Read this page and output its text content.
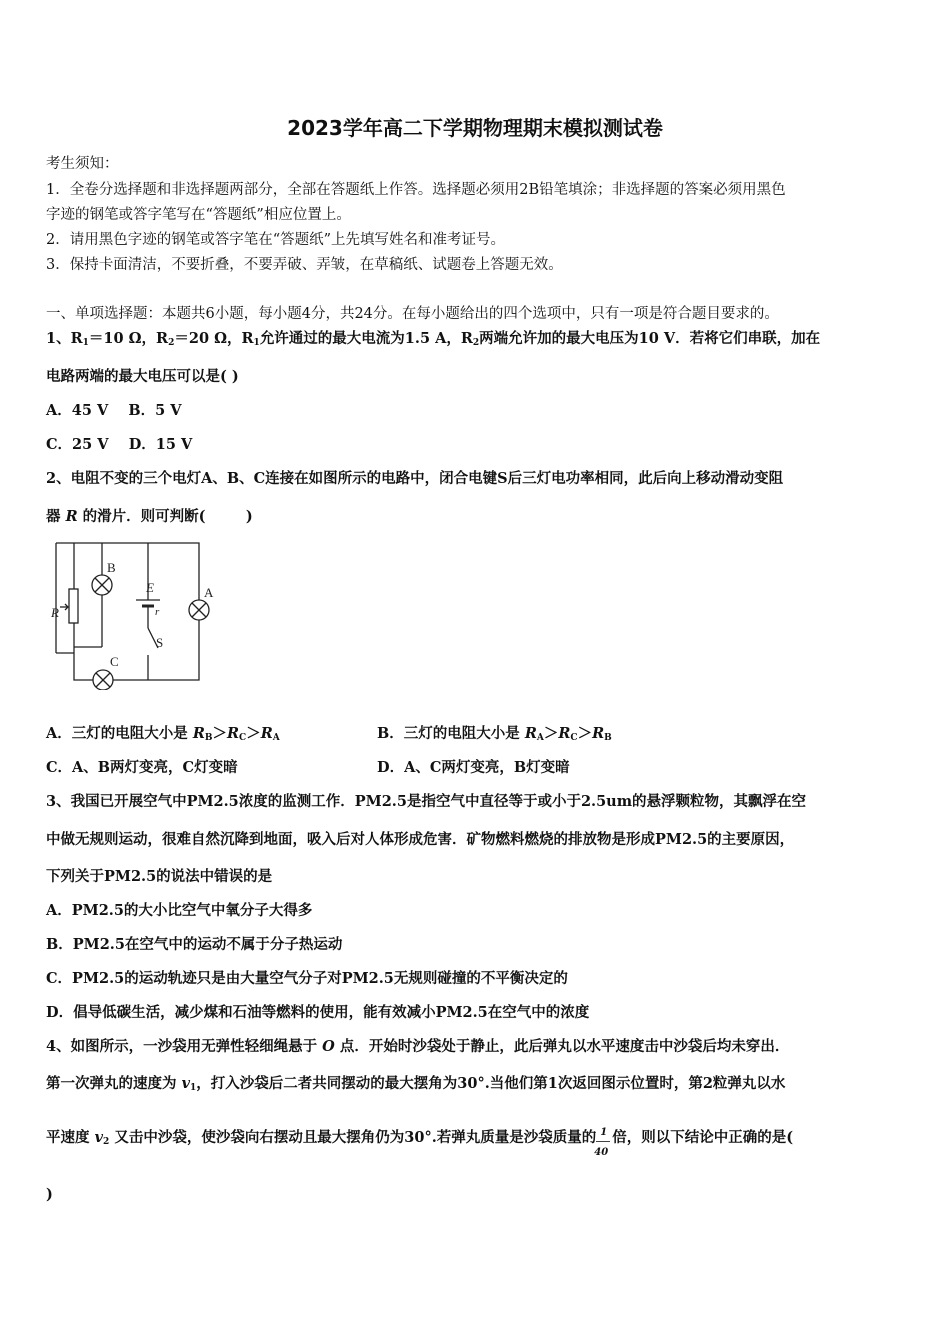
2023学年高二下学期物理期末模拟测试卷
考生须知：
1．全卷分选择题和非选择题两部分，全部在答题纸上作答。选择题必须用2B铅笔填涂；非选择题的答案必须用黑色
字迹的钢笔或答字笔写在“答题纸”相应位置上。
2．请用黑色字迹的钢笔或答字笔在“答题纸”上先填写姓名和准考证号。
3．保持卡面清洁，不要折叠，不要弄破、弄皱，在草稿纸、试题卷上答题无效。
一、单项选择题：本题共6小题，每小题4分，共24分。在每小题给出的四个选项中，只有一项是符合题目要求的。
1、$R_1=10$ Ω，$R_2=20$ Ω，$R_1$允许通过的最大电流为1.5 A，$R_2$两端允许加的最大电压为10 V．若将它们串联，加在
电路两端的最大电压可以是( )
A．45 V    B．5 V
C．25 V    D．15 V
2、电阻不变的三个电灯A、B、C连接在如图所示的电路中，闭合电键S后三灯电功率相同，此后向上移动滑动变阻
器 R 的滑片．则可判断(        )
B
E
r
A
R
S
C
A．三灯的电阻大小是 $R_B>R_C>R_A$	B．三灯的电阻大小是 $R_A>R_C>R_B$
C．A、B两灯变亮，C灯变暗	D．A、C两灯变亮，B灯变暗
3、我国已开展空气中PM2.5浓度的监测工作．PM2.5是指空气中直径等于或小于2.5um的悬浮颗粒物，其飘浮在空
中做无规则运动，很难自然沉降到地面，吸入后对人体形成危害．矿物燃料燃烧的排放物是形成PM2.5的主要原因，
下列关于PM2.5的说法中错误的是
A．PM2.5的大小比空气中氧分子大得多
B．PM2.5在空气中的运动不属于分子热运动
C．PM2.5的运动轨迹只是由大量空气分子对PM2.5无规则碰撞的不平衡决定的
D．倡导低碳生活，减少煤和石油等燃料的使用，能有效减小PM2.5在空气中的浓度
4、如图所示，一沙袋用无弹性轻细绳悬于 O 点．开始时沙袋处于静止，此后弹丸以水平速度击中沙袋后均未穿出．
第一次弹丸的速度为 $v_1$，打入沙袋后二者共同摆动的最大摆角为30°.当他们第1次返回图示位置时，第2粒弹丸以水
平速度 $v_2$ 又击中沙袋，使沙袋向右摆动且最大摆角仍为30°.若弹丸质量是沙袋质量的 $\frac{1}{40}$ 倍，则以下结论中正确的是(
)
